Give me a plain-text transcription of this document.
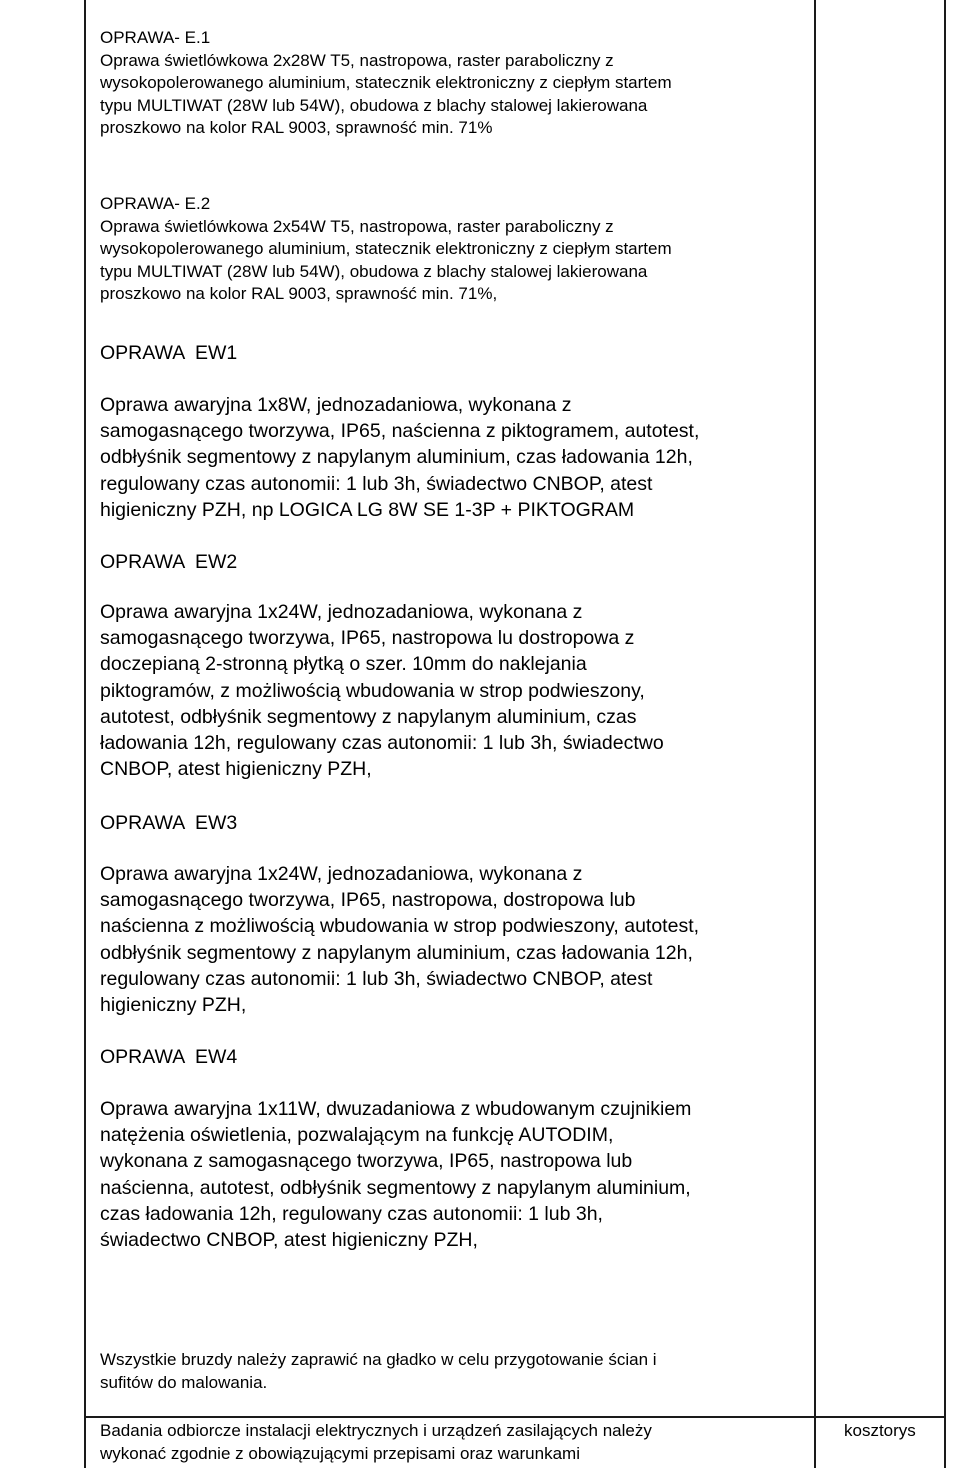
OPRAWA- E.1
Oprawa świetlówkowa 2x28W T5, nastropowa, raster paraboliczny z
wysokopolerowanego aluminium, statecznik elektroniczny z ciepłym startem
typu MULTIWAT (28W lub 54W), obudowa z blachy stalowej lakierowana
proszkowo na kolor RAL 9003, sprawność min. 71%
OPRAWA- E.2
Oprawa świetlówkowa 2x54W T5, nastropowa, raster paraboliczny z
wysokopolerowanego aluminium, statecznik elektroniczny z ciepłym startem
typu MULTIWAT (28W lub 54W), obudowa z blachy stalowej lakierowana
proszkowo na kolor RAL 9003, sprawność min. 71%,
OPRAWA  EW1
Oprawa awaryjna 1x8W, jednozadaniowa, wykonana z
samogasnącego tworzywa, IP65, naścienna z piktogramem, autotest,
odbłyśnik segmentowy z napylanym aluminium, czas ładowania 12h,
regulowany czas autonomii: 1 lub 3h, świadectwo CNBOP, atest
higieniczny PZH, np LOGICA LG 8W SE 1-3P + PIKTOGRAM
OPRAWA  EW2
Oprawa awaryjna 1x24W, jednozadaniowa, wykonana z
samogasnącego tworzywa, IP65, nastropowa lu dostropowa z
doczepianą 2-stronną płytką o szer. 10mm do naklejania
piktogramów, z możliwością wbudowania w strop podwieszony,
autotest, odbłyśnik segmentowy z napylanym aluminium, czas
ładowania 12h, regulowany czas autonomii: 1 lub 3h, świadectwo
CNBOP, atest higieniczny PZH,
OPRAWA  EW3
Oprawa awaryjna 1x24W, jednozadaniowa, wykonana z
samogasnącego tworzywa, IP65, nastropowa, dostropowa lub
naścienna z możliwością wbudowania w strop podwieszony, autotest,
odbłyśnik segmentowy z napylanym aluminium, czas ładowania 12h,
regulowany czas autonomii: 1 lub 3h, świadectwo CNBOP, atest
higieniczny PZH,
OPRAWA  EW4
Oprawa awaryjna 1x11W, dwuzadaniowa z wbudowanym czujnikiem
natężenia oświetlenia, pozwalającym na funkcję AUTODIM,
wykonana z samogasnącego tworzywa, IP65, nastropowa lub
naścienna, autotest, odbłyśnik segmentowy z napylanym aluminium,
czas ładowania 12h, regulowany czas autonomii: 1 lub 3h,
świadectwo CNBOP, atest higieniczny PZH,
Wszystkie bruzdy należy zaprawić na gładko w celu przygotowanie ścian i
sufitów do malowania.
Badania odbiorcze instalacji elektrycznych i urządzeń zasilających należy
wykonać zgodnie z obowiązującymi przepisami oraz warunkami
kosztorys
